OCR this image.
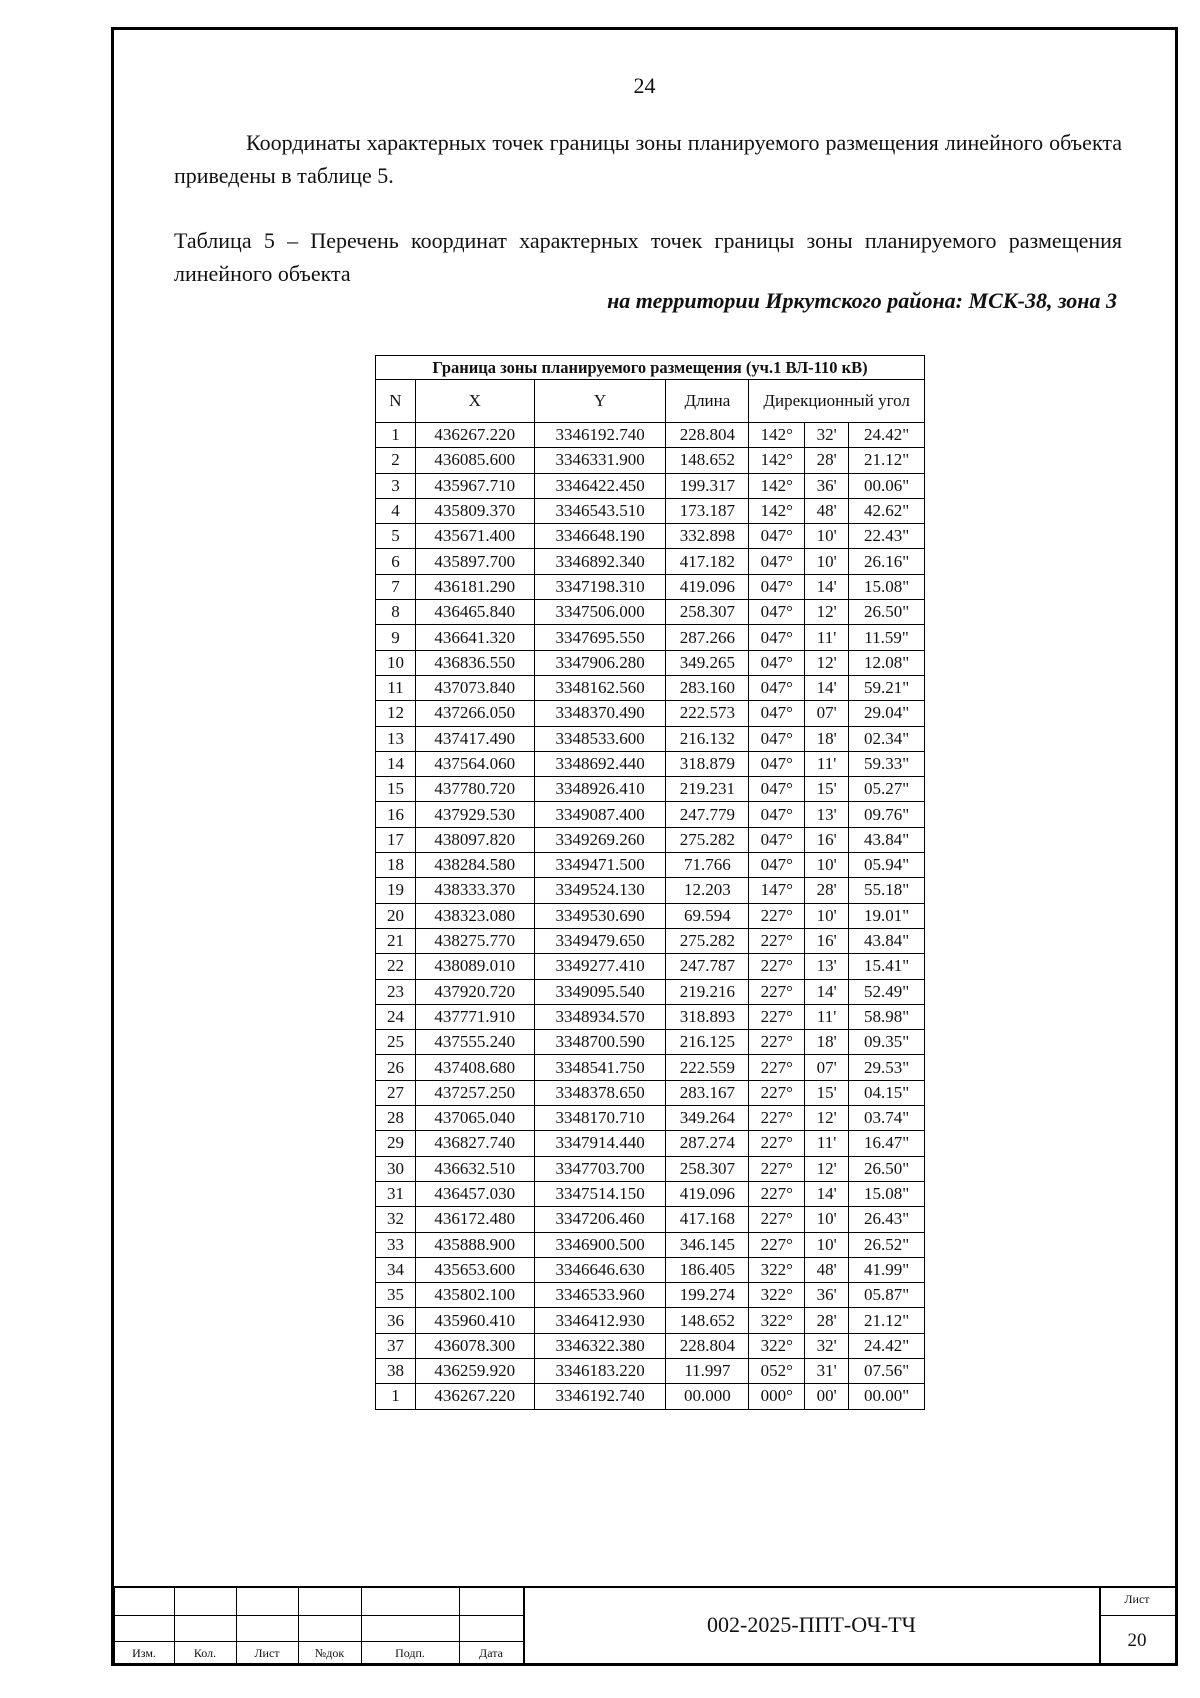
24

Координаты характерных точек границы зоны планируемого размещения линейного объекта приведены в таблице 5.

Таблица 5 – Перечень координат характерных точек границы зоны планируемого размещения линейного объекта

на территории Иркутского района: МСК-38, зона 3
Граница зоны планируемого размещения (уч.1 ВЛ-110 кВ)						
N	X	Y	Длина	Дирекционный угол		
1	436267.220	3346192.740	228.804	142°	32'	24.42"
2	436085.600	3346331.900	148.652	142°	28'	21.12"
3	435967.710	3346422.450	199.317	142°	36'	00.06"
4	435809.370	3346543.510	173.187	142°	48'	42.62"
5	435671.400	3346648.190	332.898	047°	10'	22.43"
6	435897.700	3346892.340	417.182	047°	10'	26.16"
7	436181.290	3347198.310	419.096	047°	14'	15.08"
8	436465.840	3347506.000	258.307	047°	12'	26.50"
9	436641.320	3347695.550	287.266	047°	11'	11.59"
10	436836.550	3347906.280	349.265	047°	12'	12.08"
11	437073.840	3348162.560	283.160	047°	14'	59.21"
12	437266.050	3348370.490	222.573	047°	07'	29.04"
13	437417.490	3348533.600	216.132	047°	18'	02.34"
14	437564.060	3348692.440	318.879	047°	11'	59.33"
15	437780.720	3348926.410	219.231	047°	15'	05.27"
16	437929.530	3349087.400	247.779	047°	13'	09.76"
17	438097.820	3349269.260	275.282	047°	16'	43.84"
18	438284.580	3349471.500	71.766	047°	10'	05.94"
19	438333.370	3349524.130	12.203	147°	28'	55.18"
20	438323.080	3349530.690	69.594	227°	10'	19.01"
21	438275.770	3349479.650	275.282	227°	16'	43.84"
22	438089.010	3349277.410	247.787	227°	13'	15.41"
23	437920.720	3349095.540	219.216	227°	14'	52.49"
24	437771.910	3348934.570	318.893	227°	11'	58.98"
25	437555.240	3348700.590	216.125	227°	18'	09.35"
26	437408.680	3348541.750	222.559	227°	07'	29.53"
27	437257.250	3348378.650	283.167	227°	15'	04.15"
28	437065.040	3348170.710	349.264	227°	12'	03.74"
29	436827.740	3347914.440	287.274	227°	11'	16.47"
30	436632.510	3347703.700	258.307	227°	12'	26.50"
31	436457.030	3347514.150	419.096	227°	14'	15.08"
32	436172.480	3347206.460	417.168	227°	10'	26.43"
33	435888.900	3346900.500	346.145	227°	10'	26.52"
34	435653.600	3346646.630	186.405	322°	48'	41.99"
35	435802.100	3346533.960	199.274	322°	36'	05.87"
36	435960.410	3346412.930	148.652	322°	28'	21.12"
37	436078.300	3346322.380	228.804	322°	32'	24.42"
38	436259.920	3346183.220	11.997	052°	31'	07.56"
1	436267.220	3346192.740	00.000	000°	00'	00.00"
Изм.	Кол.	Лист	№док	Подп.	Дата
002-2025-ППТ-ОЧ-ТЧ
Лист
20
